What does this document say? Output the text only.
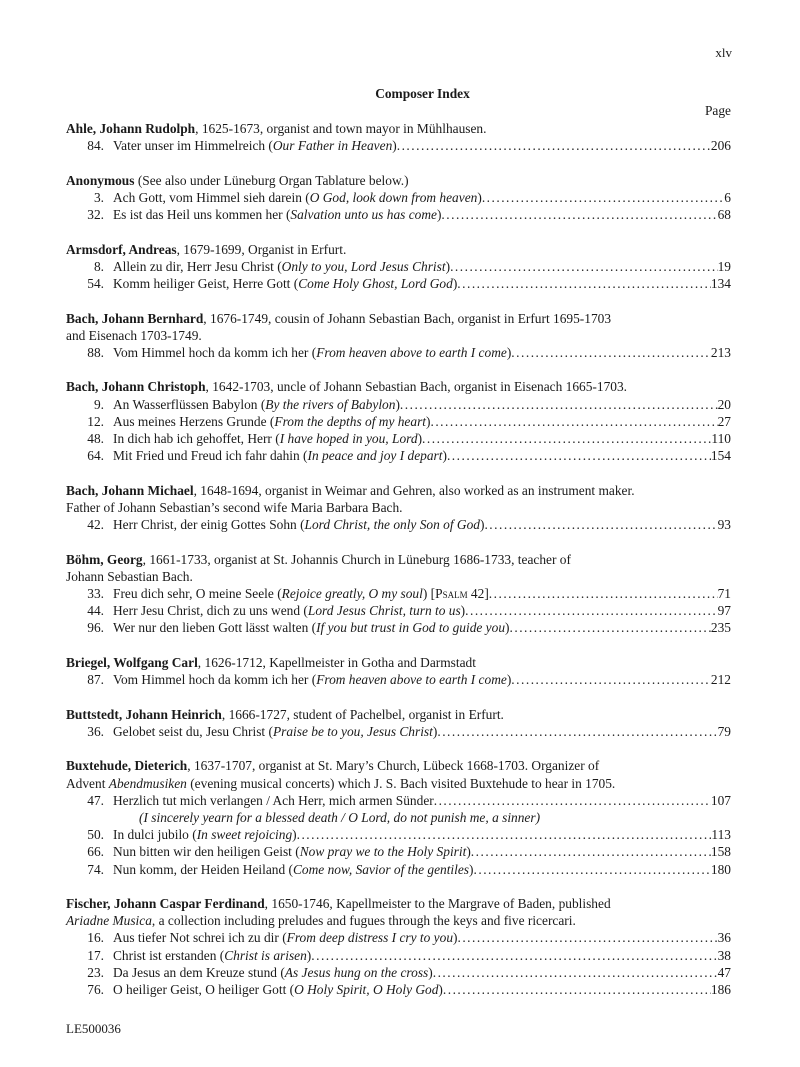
xlv
Composer Index
Page
Ahle, Johann Rudolph, 1625-1673, organist and town mayor in Mühlhausen.
84. Vater unser im Himmelreich (Our Father in Heaven) .....	206
Anonymous (See also under Lüneburg Organ Tablature below.)
3. Ach Gott, vom Himmel sieh darein (O God, look down from heaven) .....	6
32. Es ist das Heil uns kommen her (Salvation unto us has come) .....	68
Armsdorf, Andreas, 1679-1699, Organist in Erfurt.
8. Allein zu dir, Herr Jesu Christ (Only to you, Lord Jesus Christ) .....	19
54. Komm heiliger Geist, Herre Gott (Come Holy Ghost, Lord God) .....	134
Bach, Johann Bernhard, 1676-1749, cousin of Johann Sebastian Bach, organist in Erfurt 1695-1703
and Eisenach 1703-1749.
88. Vom Himmel hoch da komm ich her (From heaven above to earth I come) .....	213
Bach, Johann Christoph, 1642-1703, uncle of Johann Sebastian Bach, organist in Eisenach 1665-1703.
9. An Wasserflüssen Babylon (By the rivers of Babylon) .....	20
12. Aus meines Herzens Grunde (From the depths of my heart) .....	27
48. In dich hab ich gehoffet, Herr (I have hoped in you, Lord) .....	110
64. Mit Fried und Freud ich fahr dahin (In peace and joy I depart) .....	154
Bach, Johann Michael, 1648-1694, organist in Weimar and Gehren, also worked as an instrument maker.
Father of Johann Sebastian’s second wife Maria Barbara Bach.
42. Herr Christ, der einig Gottes Sohn (Lord Christ, the only Son of God) .....	93
Böhm, Georg, 1661-1733, organist at St. Johannis Church in Lüneburg 1686-1733, teacher of
Johann Sebastian Bach.
33. Freu dich sehr, O meine Seele (Rejoice greatly, O my soul) [Psalm 42] .....	71
44. Herr Jesu Christ, dich zu uns wend (Lord Jesus Christ, turn to us) .....	97
96. Wer nur den lieben Gott lässt walten (If you but trust in God to guide you) .....	235
Briegel, Wolfgang Carl, 1626-1712, Kapellmeister in Gotha and Darmstadt
87. Vom Himmel hoch da komm ich her (From heaven above to earth I come) .....	212
Buttstedt, Johann Heinrich, 1666-1727, student of Pachelbel, organist in Erfurt.
36. Gelobet seist du, Jesu Christ (Praise be to you, Jesus Christ) .....	79
Buxtehude, Dieterich, 1637-1707, organist at St. Mary’s Church, Lübeck 1668-1703. Organizer of
Advent Abendmusiken (evening musical concerts) which J. S. Bach visited Buxtehude to hear in 1705.
47. Herzlich tut mich verlangen / Ach Herr, mich armen Sünder .....	107
(I sincerely yearn for a blessed death / O Lord, do not punish me, a sinner)
50. In dulci jubilo (In sweet rejoicing) .....	113
66. Nun bitten wir den heiligen Geist (Now pray we to the Holy Spirit) .....	158
74. Nun komm, der Heiden Heiland (Come now, Savior of the gentiles) .....	180
Fischer, Johann Caspar Ferdinand, 1650-1746, Kapellmeister to the Margrave of Baden, published
Ariadne Musica, a collection including preludes and fugues through the keys and five ricercari.
16. Aus tiefer Not schrei ich zu dir (From deep distress I cry to you) .....	36
17. Christ ist erstanden (Christ is arisen) .....	38
23. Da Jesus an dem Kreuze stund (As Jesus hung on the cross) .....	47
76. O heiliger Geist, O heiliger Gott (O Holy Spirit, O Holy God) .....	186
LE500036
